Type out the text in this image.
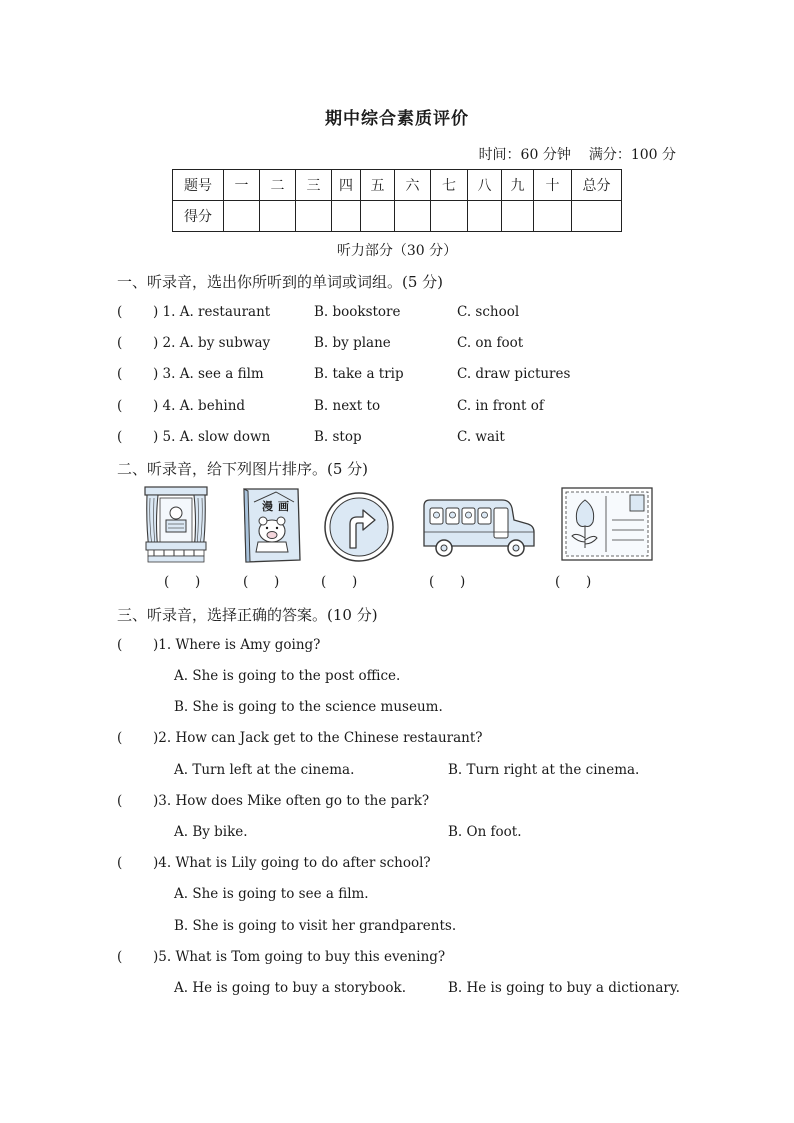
期中综合素质评价
时间：60 分钟 满分：100 分
题号	一	二	三	四	五	六	七	八	九	十	总分
得分											
听力部分（30 分）
一、听录音，选出你所听到的单词或词组。(5 分)
( ) 1. A. restaurant	B. bookstore	C. school
( ) 2. A. by subway	B. by plane	C. on foot
( ) 3. A. see a film	B. take a trip	C. draw pictures
( ) 4. A. behind	B. next to	C. in front of
( ) 5. A. slow down	B. stop	C. wait
二、听录音，给下列图片排序。(5 分)
漫 画
(      )	(      )	(      )	(      )	(      )
三、听录音，选择正确的答案。(10 分)
( )1. Where is Amy going?
A. She is going to the post office.
B. She is going to the science museum.
( )2. How can Jack get to the Chinese restaurant?
A. Turn left at the cinema.	B. Turn right at the cinema.
( )3. How does Mike often go to the park?
A. By bike.	B. On foot.
( )4. What is Lily going to do after school?
A. She is going to see a film.
B. She is going to visit her grandparents.
( )5. What is Tom going to buy this evening?
A. He is going to buy a storybook.	B. He is going to buy a dictionary.
